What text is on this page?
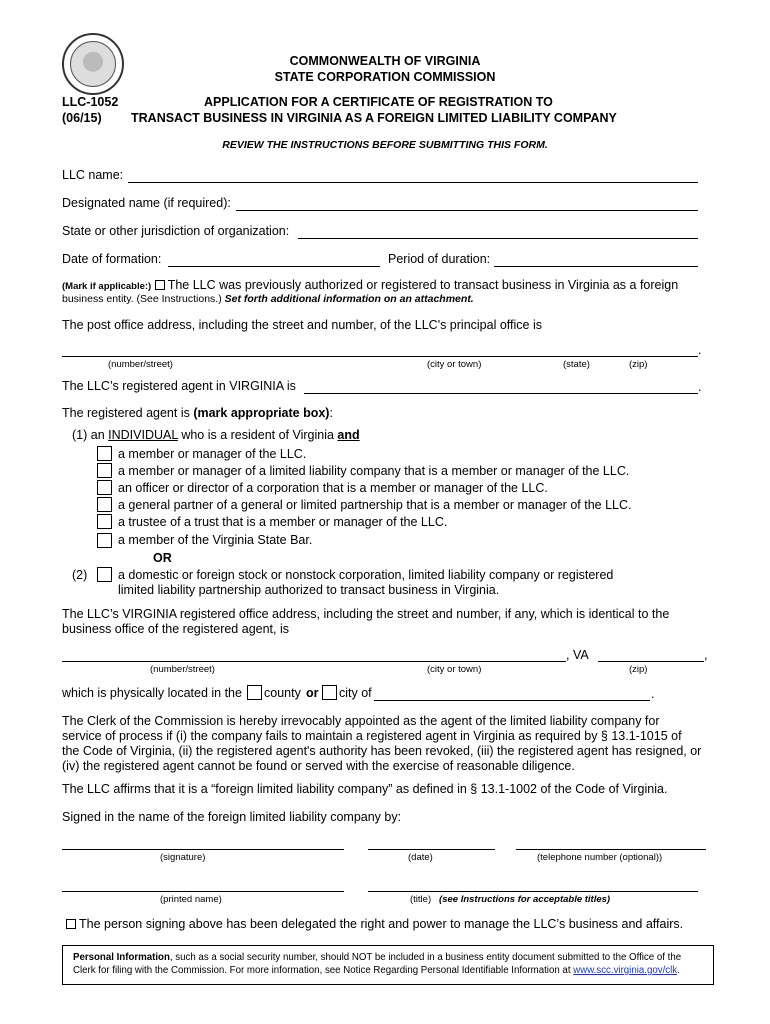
COMMONWEALTH OF VIRGINIA
STATE CORPORATION COMMISSION
LLC-1052
(06/15)
APPLICATION FOR A CERTIFICATE OF REGISTRATION TO
TRANSACT BUSINESS IN VIRGINIA AS A FOREIGN LIMITED LIABILITY COMPANY
REVIEW THE INSTRUCTIONS BEFORE SUBMITTING THIS FORM.
LLC name:
Designated name (if required):
State or other jurisdiction of organization:
Date of formation:	Period of duration:
(Mark if applicable:) The LLC was previously authorized or registered to transact business in Virginia as a foreign
business entity. (See Instructions.) Set forth additional information on an attachment.
The post office address, including the street and number, of the LLC's principal office is
.
(number/street)	(city or town)	(state)	(zip)
The LLC’s registered agent in VIRGINIA is	.
The registered agent is (mark appropriate box):
(1) an INDIVIDUAL who is a resident of Virginia and
a member or manager of the LLC.
a member or manager of a limited liability company that is a member or manager of the LLC.
an officer or director of a corporation that is a member or manager of the LLC.
a general partner of a general or limited partnership that is a member or manager of the LLC.
a trustee of a trust that is a member or manager of the LLC.
a member of the Virginia State Bar.
OR
(2) a domestic or foreign stock or nonstock corporation, limited liability company or registered
limited liability partnership authorized to transact business in Virginia.
The LLC’s VIRGINIA registered office address, including the street and number, if any, which is identical to the
business office of the registered agent, is
, VA	,
(number/street)	(city or town)	(zip)
which is physically located in the county or city of	.
The Clerk of the Commission is hereby irrevocably appointed as the agent of the limited liability company for
service of process if (i) the company fails to maintain a registered agent in Virginia as required by § 13.1-1015 of
the Code of Virginia, (ii) the registered agent's authority has been revoked, (iii) the registered agent has resigned, or
(iv) the registered agent cannot be found or served with the exercise of reasonable diligence.
The LLC affirms that it is a “foreign limited liability company” as defined in § 13.1-1002 of the Code of Virginia.
Signed in the name of the foreign limited liability company by:
(signature)	(date)	(telephone number (optional))
(printed name)	(title) (see Instructions for acceptable titles)
The person signing above has been delegated the right and power to manage the LLC’s business and affairs.
Personal Information, such as a social security number, should NOT be included in a business entity document submitted to the Office of the
Clerk for filing with the Commission. For more information, see Notice Regarding Personal Identifiable Information at www.scc.virginia.gov/clk.
